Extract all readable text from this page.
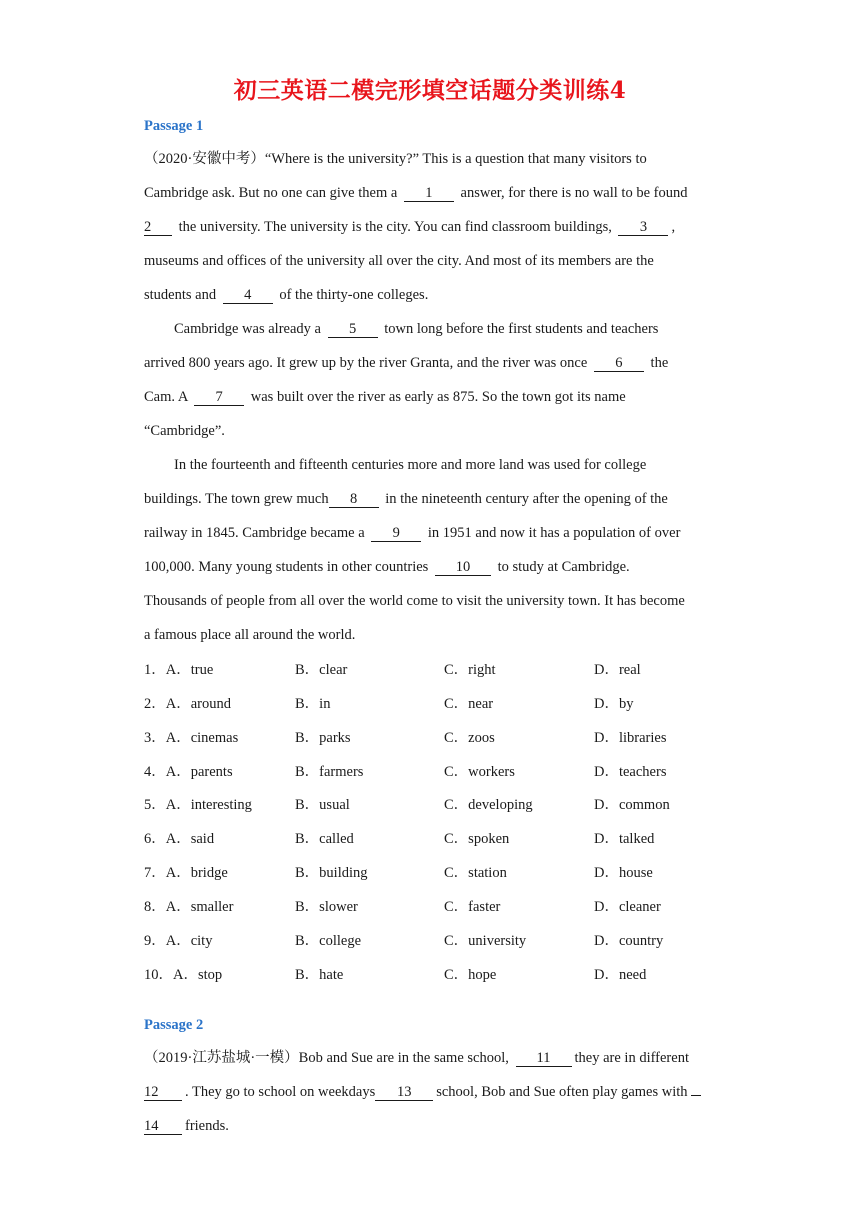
初三英语二模完形填空话题分类训练4
Passage 1
（2020·安徽中考）“Where is the university?” This is a question that many visitors to
Cambridge ask. But no one can give them a 1 answer, for there is no wall to be found
2 the university. The university is the city. You can find classroom buildings, 3 ,
museums and offices of the university all over the city. And most of its members are the
students and 4 of the thirty-one colleges.
Cambridge was already a 5 town long before the first students and teachers
arrived 800 years ago. It grew up by the river Granta, and the river was once 6 the
Cam. A 7 was built over the river as early as 875. So the town got its name
“Cambridge”.
In the fourteenth and fifteenth centuries more and more land was used for college
buildings. The town grew much 8 in the nineteenth century after the opening of the
railway in 1845. Cambridge became a 9 in 1951 and now it has a population of over
100,000. Many young students in other countries 10 to study at Cambridge.
Thousands of people from all over the world come to visit the university town. It has become
a famous place all around the world.
1．A．true	B．clear	C．right	D．real
2．A．around	B．in	C．near	D．by
3．A．cinemas	B．parks	C．zoos	D．libraries
4．A．parents	B．farmers	C．workers	D．teachers
5．A．interesting	B．usual	C．developing	D．common
6．A．said	B．called	C．spoken	D．talked
7．A．bridge	B．building	C．station	D．house
8．A．smaller	B．slower	C．faster	D．cleaner
9．A．city	B．college	C．university	D．country
10．A．stop	B．hate	C．hope	D．need
Passage 2
（2019·江苏盐城·一模）Bob and Sue are in the same school, 11 they are in different
12 . They go to school on weekdays 13 school, Bob and Sue often play games with
14 friends.
